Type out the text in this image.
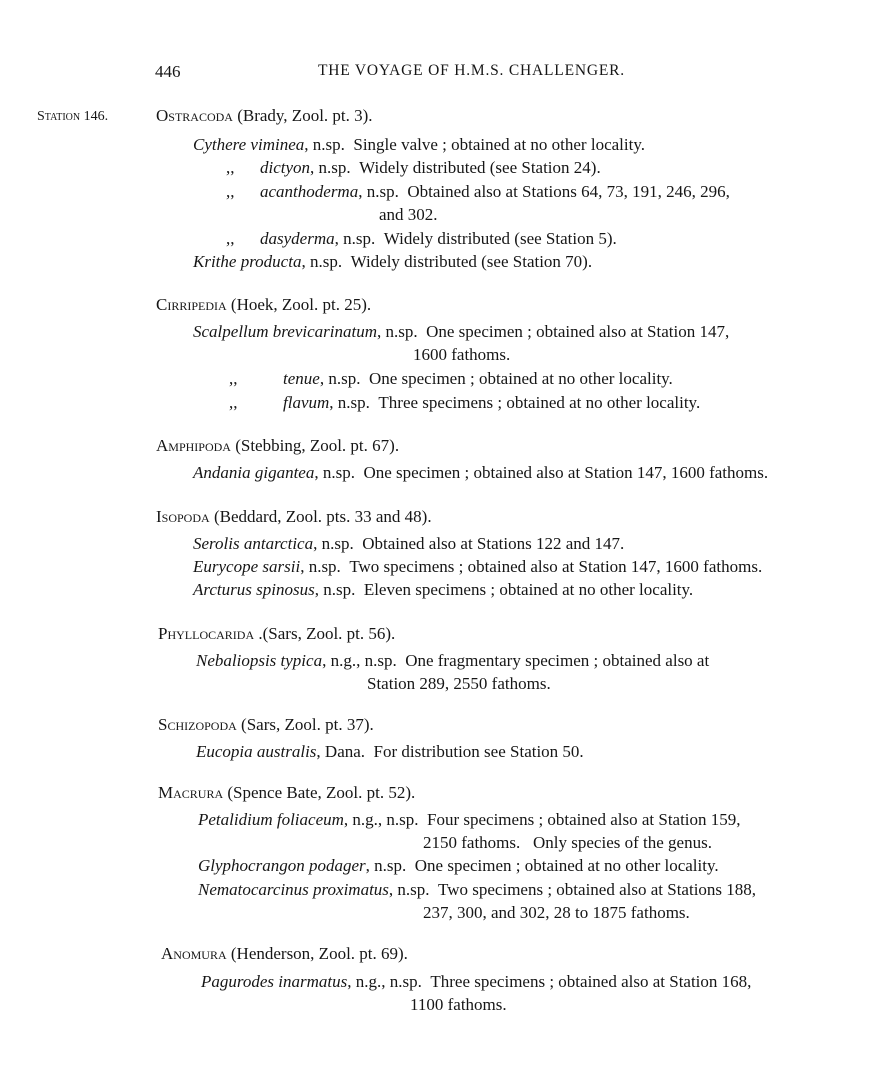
446	THE VOYAGE OF H.M.S. CHALLENGER.
Station 146.	Ostracoda (Brady, Zool. pt. 3).
Cythere viminea, n.sp. Single valve ; obtained at no other locality.
,, dictyon, n.sp. Widely distributed (see Station 24).
,, acanthoderma, n.sp. Obtained also at Stations 64, 73, 191, 246, 296,
and 302.
,, dasyderma, n.sp. Widely distributed (see Station 5).
Krithe producta, n.sp. Widely distributed (see Station 70).
Cirripedia (Hoek, Zool. pt. 25).
Scalpellum brevicarinatum, n.sp. One specimen ; obtained also at Station 147,
1600 fathoms.
,,	tenue, n.sp. One specimen ; obtained at no other locality.
,,	flavum, n.sp. Three specimens ; obtained at no other locality.
Amphipoda (Stebbing, Zool. pt. 67).
Andania gigantea, n.sp. One specimen ; obtained also at Station 147, 1600 fathoms.
Isopoda (Beddard, Zool. pts. 33 and 48).
Serolis antarctica, n.sp. Obtained also at Stations 122 and 147.
Eurycope sarsii, n.sp. Two specimens ; obtained also at Station 147, 1600 fathoms.
Arcturus spinosus, n.sp. Eleven specimens ; obtained at no other locality.
Phyllocarida .(Sars, Zool. pt. 56).
Nebaliopsis typica, n.g., n.sp. One fragmentary specimen ; obtained also at
Station 289, 2550 fathoms.
Schizopoda (Sars, Zool. pt. 37).
Eucopia australis, Dana. For distribution see Station 50.
Macrura (Spence Bate, Zool. pt. 52).
Petalidium foliaceum, n.g., n.sp. Four specimens ; obtained also at Station 159,
2150 fathoms.   Only species of the genus.
Glyphocrangon podager, n.sp. One specimen ; obtained at no other locality.
Nematocarcinus proximatus, n.sp. Two specimens ; obtained also at Stations 188,
237, 300, and 302, 28 to 1875 fathoms.
Anomura (Henderson, Zool. pt. 69).
Pagurodes inarmatus, n.g., n.sp. Three specimens ; obtained also at Station 168,
1100 fathoms.
